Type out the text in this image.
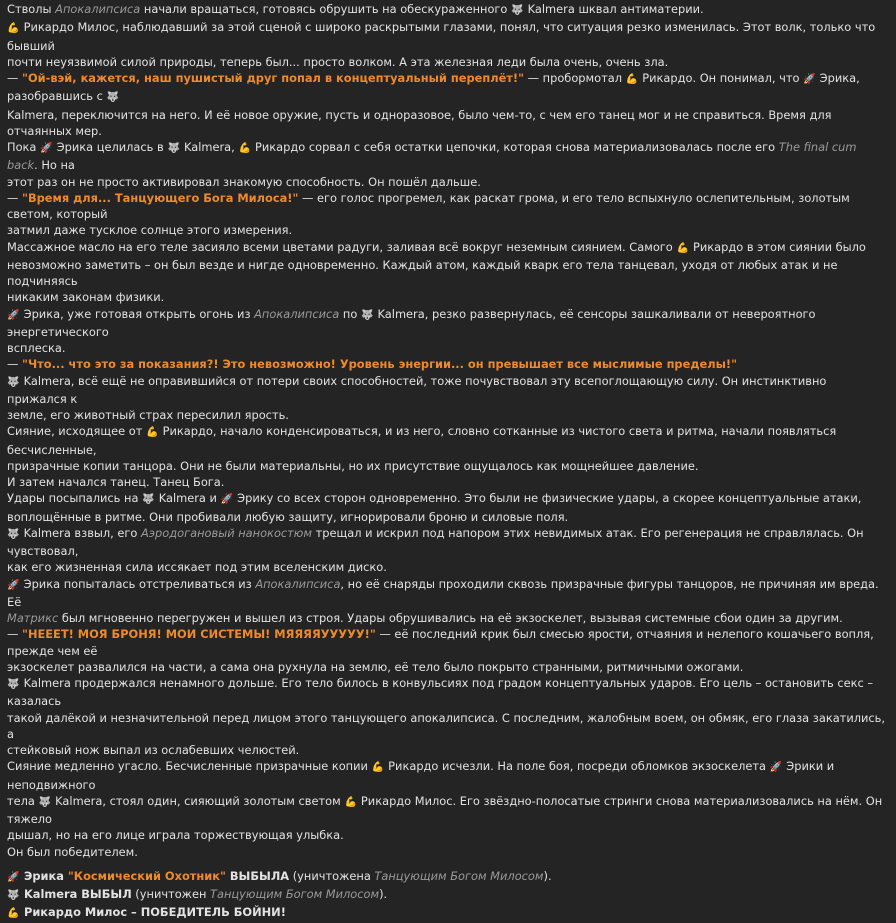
Стволы Апокалипсиса начали вращаться, готовясь обрушить на обескураженного 🐺 Kalmera шквал антиматерии.
💪 Рикардо Милос, наблюдавший за этой сценой с широко раскрытыми глазами, понял, что ситуация резко изменилась. Этот волк, только что бывший
почти неуязвимой силой природы, теперь был... просто волком. А эта железная леди была очень, очень зла.
— "Ой-вэй, кажется, наш пушистый друг попал в концептуальный переплёт!" — пробормотал 💪 Рикардо. Он понимал, что 🚀 Эрика, разобравшись с 🐺
Kalmera, переключится на него. И её новое оружие, пусть и одноразовое, было чем-то, с чем его танец мог и не справиться. Время для отчаянных мер.
Пока 🚀 Эрика целилась в 🐺 Kalmera, 💪 Рикардо сорвал с себя остатки цепочки, которая снова материализовалась после его The final cum back. Но на
этот раз он не просто активировал знакомую способность. Он пошёл дальше.
— "Время для... Танцующего Бога Милоса!" — его голос прогремел, как раскат грома, и его тело вспыхнуло ослепительным, золотым светом, который
затмил даже тусклое солнце этого измерения.
Массажное масло на его теле засияло всеми цветами радуги, заливая всё вокруг неземным сиянием. Самого 💪 Рикардо в этом сиянии было
невозможно заметить – он был везде и нигде одновременно. Каждый атом, каждый кварк его тела танцевал, уходя от любых атак и не подчиняясь
никаким законам физики.
🚀 Эрика, уже готовая открыть огонь из Апокалипсиса по 🐺 Kalmera, резко развернулась, её сенсоры зашкаливали от невероятного энергетического
всплеска.
— "Что... что это за показания?! Это невозможно! Уровень энергии... он превышает все мыслимые пределы!"
🐺 Kalmera, всё ещё не оправившийся от потери своих способностей, тоже почувствовал эту всепоглощающую силу. Он инстинктивно прижался к
земле, его животный страх пересилил ярость.
Сияние, исходящее от 💪 Рикардо, начало конденсироваться, и из него, словно сотканные из чистого света и ритма, начали появляться бесчисленные,
призрачные копии танцора. Они не были материальны, но их присутствие ощущалось как мощнейшее давление.
И затем начался танец. Танец Бога.
Удары посыпались на 🐺 Kalmera и 🚀 Эрику со всех сторон одновременно. Это были не физические удары, а скорее концептуальные атаки,
воплощённые в ритме. Они пробивали любую защиту, игнорировали броню и силовые поля.
🐺 Kalmera взвыл, его Аэродогановый нанокостюм трещал и искрил под напором этих невидимых атак. Его регенерация не справлялась. Он чувствовал,
как его жизненная сила иссякает под этим вселенским диско.
🚀 Эрика попыталась отстреливаться из Апокалипсиса, но её снаряды проходили сквозь призрачные фигуры танцоров, не причиняя им вреда. Её
Матрикс был мгновенно перегружен и вышел из строя. Удары обрушивались на её экзоскелет, вызывая системные сбои один за другим.
— "НЕЕЕТ! МОЯ БРОНЯ! МОИ СИСТЕМЫ! МЯЯЯЯУУУУУ!" — её последний крик был смесью ярости, отчаяния и нелепого кошачьего вопля, прежде чем её
экзоскелет развалился на части, а сама она рухнула на землю, её тело было покрыто странными, ритмичными ожогами.
🐺 Kalmera продержался ненамного дольше. Его тело билось в конвульсиях под градом концептуальных ударов. Его цель – остановить секс – казалась
такой далёкой и незначительной перед лицом этого танцующего апокалипсиса. С последним, жалобным воем, он обмяк, его глаза закатились, а
стейковый нож выпал из ослабевших челюстей.
Сияние медленно угасло. Бесчисленные призрачные копии 💪 Рикардо исчезли. На поле боя, посреди обломков экзоскелета 🚀 Эрики и неподвижного
тела 🐺 Kalmera, стоял один, сияющий золотым светом 💪 Рикардо Милос. Его звёздно-полосатые стринги снова материализовались на нём. Он тяжело
дышал, но на его лице играла торжествующая улыбка.
Он был победителем.
🚀 Эрика "Космический Охотник" ВЫБЫЛА (уничтожена Танцующим Богом Милосом).
🐺 Kalmera ВЫБЫЛ (уничтожен Танцующим Богом Милосом).
💪 Рикардо Милос – ПОБЕДИТЕЛЬ БОЙНИ!
